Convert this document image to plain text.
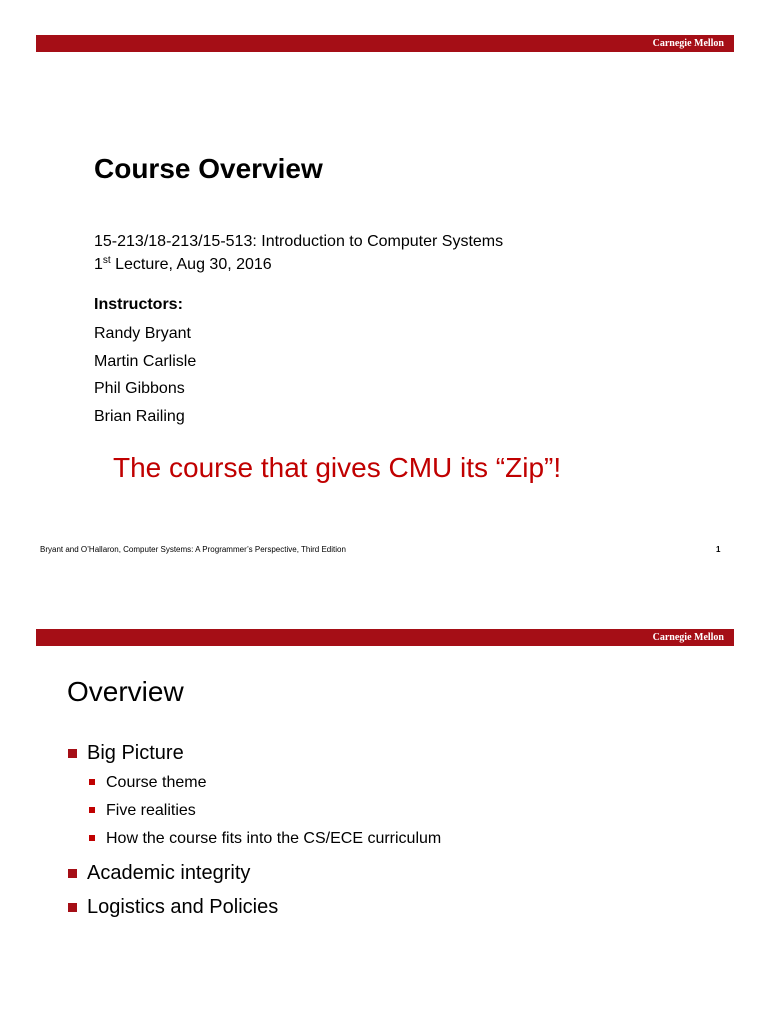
Carnegie Mellon
Course Overview
15-213/18-213/15-513: Introduction to Computer Systems
1st Lecture, Aug 30, 2016
Instructors:
Randy Bryant
Martin Carlisle
Phil Gibbons
Brian Railing
The course that gives CMU its “Zip”!
Bryant and O’Hallaron, Computer Systems: A Programmer’s Perspective, Third Edition	1
Carnegie Mellon
Overview
Big Picture
Course theme
Five realities
How the course fits into the CS/ECE curriculum
Academic integrity
Logistics and Policies
